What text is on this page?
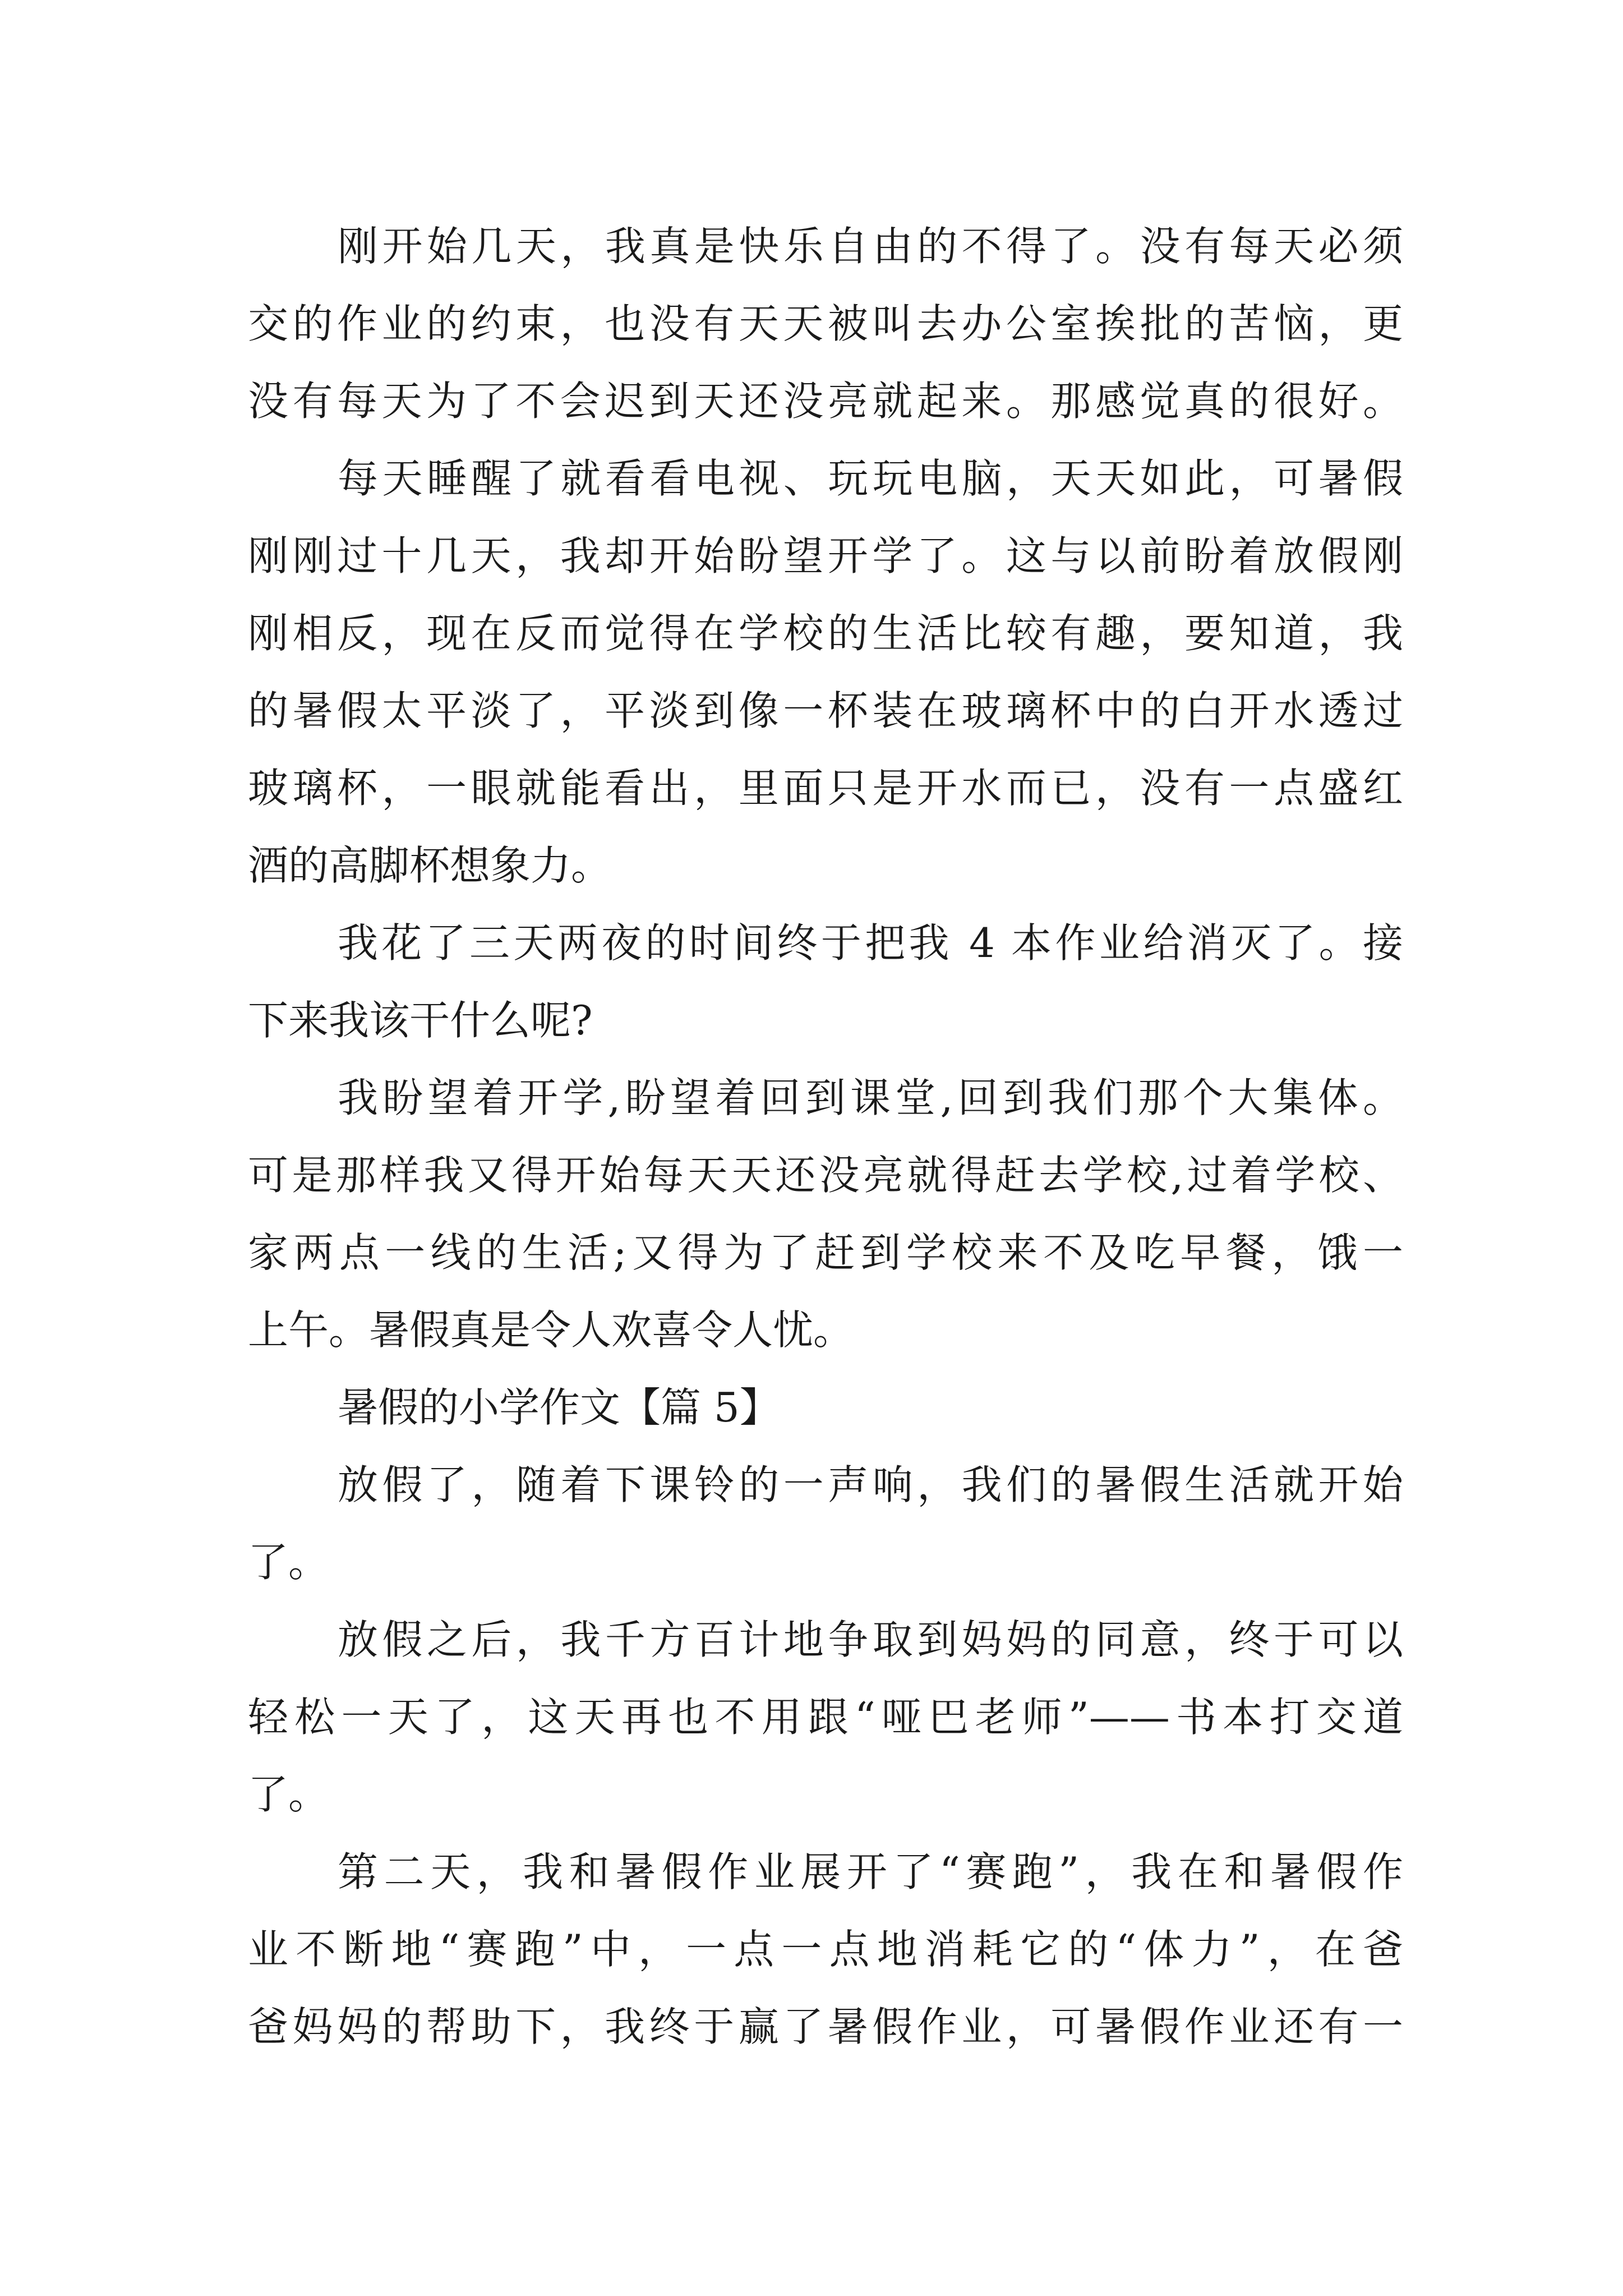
刚开始几天，我真是快乐自由的不得了。没有每天必须
交的作业的约束，也没有天天被叫去办公室挨批的苦恼，更
没有每天为了不会迟到天还没亮就起来。那感觉真的很好。
每天睡醒了就看看电视、玩玩电脑，天天如此，可暑假
刚刚过十几天，我却开始盼望开学了。这与以前盼着放假刚
刚相反，现在反而觉得在学校的生活比较有趣，要知道，我
的暑假太平淡了，平淡到像一杯装在玻璃杯中的白开水透过
玻璃杯，一眼就能看出，里面只是开水而已，没有一点盛红
酒的高脚杯想象力。
我花了三天两夜的时间终于把我 4 本作业给消灭了。接
下来我该干什么呢?
我盼望着开学,盼望着回到课堂,回到我们那个大集体。
可是那样我又得开始每天天还没亮就得赶去学校,过着学校、
家两点一线的生活;又得为了赶到学校来不及吃早餐，饿一
上午。暑假真是令人欢喜令人忧。
暑假的小学作文【篇 5】
放假了，随着下课铃的一声响，我们的暑假生活就开始
了。
放假之后，我千方百计地争取到妈妈的同意，终于可以
轻松一天了，这天再也不用跟“哑巴老师”——书本打交道
了。
第二天，我和暑假作业展开了“赛跑”，我在和暑假作
业不断地“赛跑”中，一点一点地消耗它的“体力”，在爸
爸妈妈的帮助下，我终于赢了暑假作业，可暑假作业还有一
